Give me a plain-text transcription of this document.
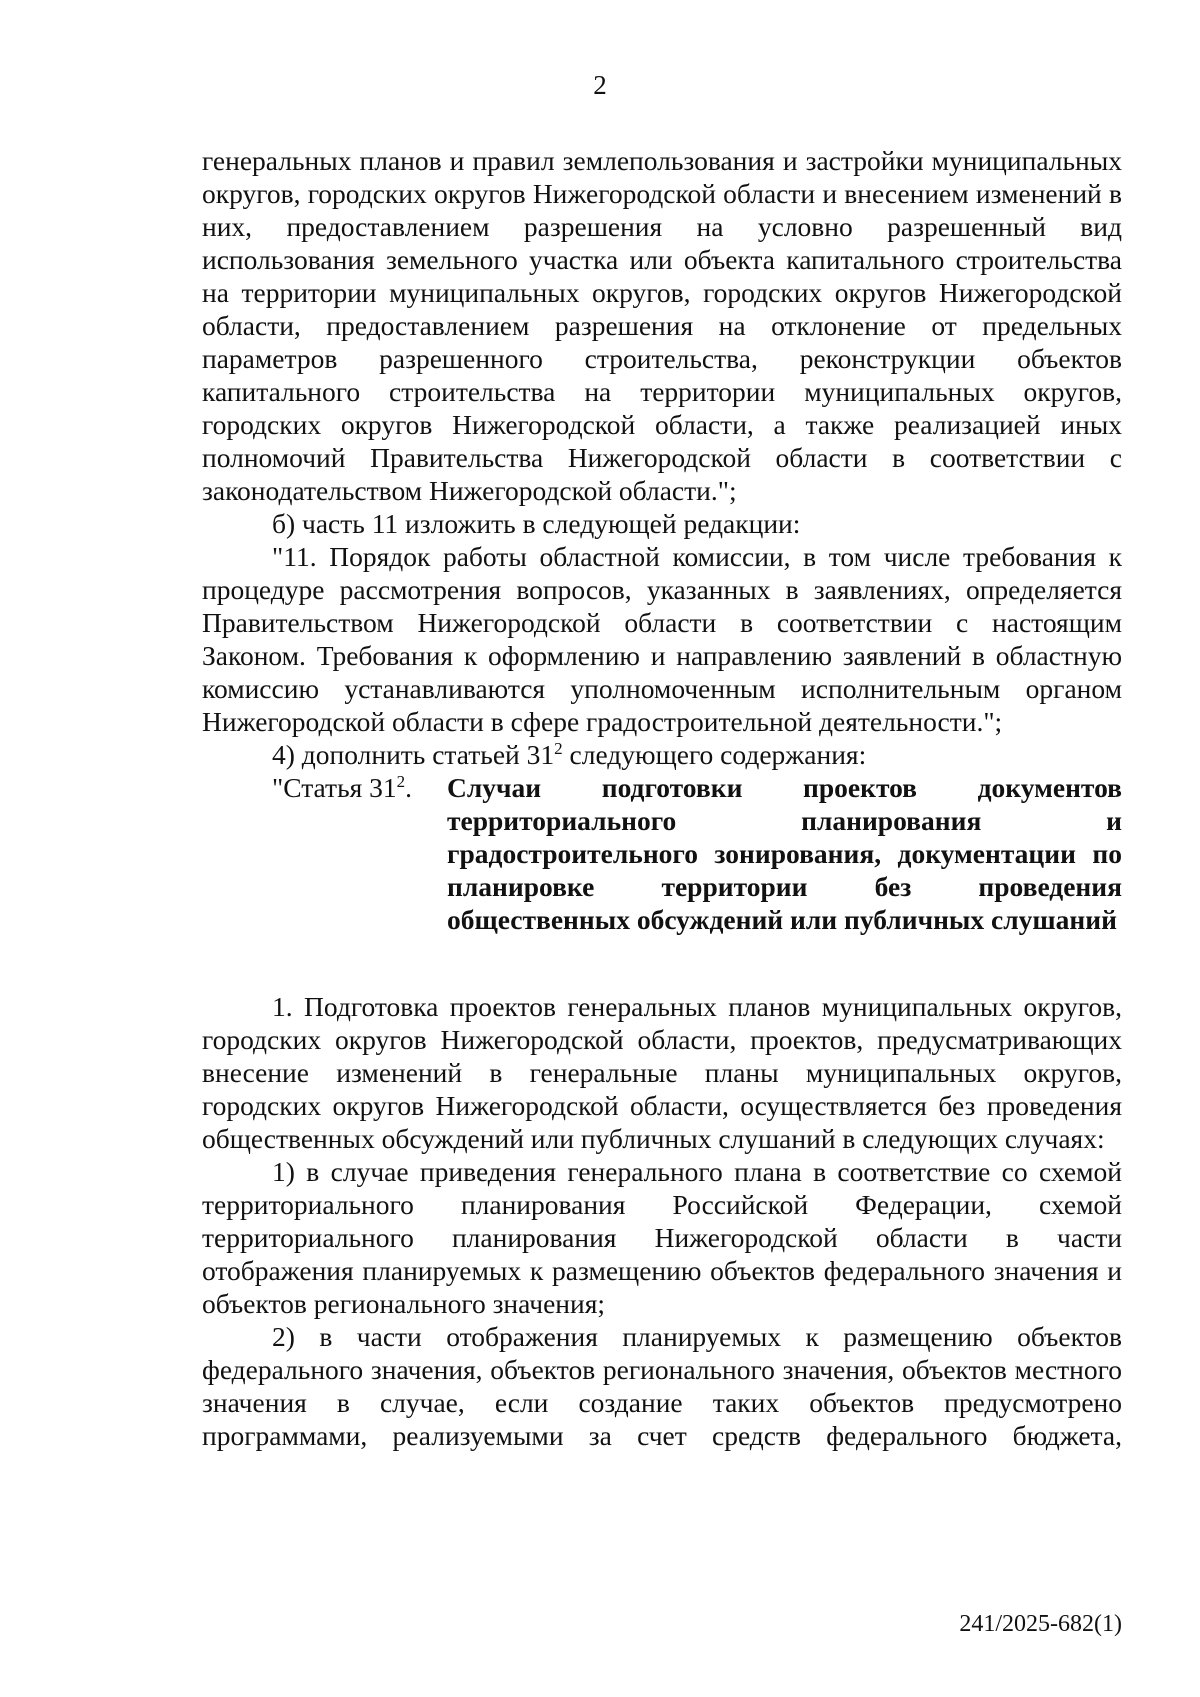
2

генеральных планов и правил землепользования и застройки муниципальных округов, городских округов Нижегородской области и внесением изменений в них, предоставлением разрешения на условно разрешенный вид использования земельного участка или объекта капитального строительства на территории муниципальных округов, городских округов Нижегородской области, предоставлением разрешения на отклонение от предельных параметров разрешенного строительства, реконструкции объектов капитального строительства на территории муниципальных округов, городских округов Нижегородской области, а также реализацией иных полномочий Правительства Нижегородской области в соответствии с законодательством Нижегородской области.";

б) часть 11 изложить в следующей редакции:

"11. Порядок работы областной комиссии, в том числе требования к процедуре рассмотрения вопросов, указанных в заявлениях, определяется Правительством Нижегородской области в соответствии с настоящим Законом. Требования к оформлению и направлению заявлений в областную комиссию устанавливаются уполномоченным исполнительным органом Нижегородской области в сфере градостроительной деятельности.";

4) дополнить статьей $31^2$ следующего содержания:

"Статья $31^2$.	Случаи подготовки проектов документов территориального планирования и градостроительного зонирования, документации по планировке территории без проведения общественных обсуждений или публичных слушаний

1. Подготовка проектов генеральных планов муниципальных округов, городских округов Нижегородской области, проектов, предусматривающих внесение изменений в генеральные планы муниципальных округов, городских округов Нижегородской области, осуществляется без проведения общественных обсуждений или публичных слушаний в следующих случаях:

1) в случае приведения генерального плана в соответствие со схемой территориального планирования Российской Федерации, схемой территориального планирования Нижегородской области в части отображения планируемых к размещению объектов федерального значения и объектов регионального значения;

2) в части отображения планируемых к размещению объектов федерального значения, объектов регионального значения, объектов местного значения в случае, если создание таких объектов предусмотрено программами, реализуемыми за счет средств федерального бюджета,

241/2025-682(1)
